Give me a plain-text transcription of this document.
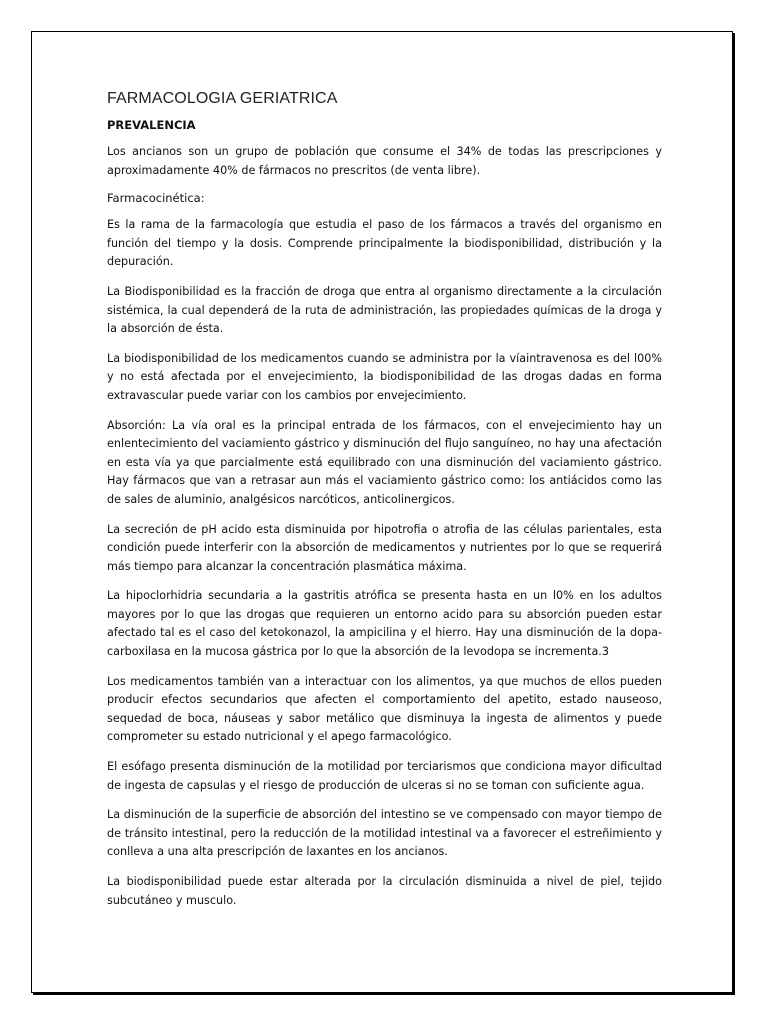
FARMACOLOGIA GERIATRICA
PREVALENCIA

Los ancianos son un grupo de población que consume el 34% de todas las prescripciones y aproximadamente 40% de fármacos no prescritos (de venta libre).

Farmacocinética:

Es la rama de la farmacología que estudia el paso de los fármacos a través del organismo en función del tiempo y la dosis. Comprende principalmente la biodisponibilidad, distribución y la depuración.

La Biodisponibilidad es la fracción de droga que entra al organismo directamente a la circulación sistémica, la cual dependerá de la ruta de administración, las propiedades químicas de la droga y la absorción de ésta.

La biodisponibilidad de los medicamentos cuando se administra por la víaintravenosa es del l00% y no está afectada por el envejecimiento, la biodisponibilidad de las drogas dadas en forma extravascular puede variar con los cambios por envejecimiento.

Absorción: La vía oral es la principal entrada de los fármacos, con el envejecimiento hay un enlentecimiento del vaciamiento gástrico y disminución del flujo sanguíneo, no hay una afectación en esta vía ya que parcialmente está equilibrado con una disminución del vaciamiento gástrico. Hay fármacos que van a retrasar aun más el vaciamiento gástrico como: los antiácidos como las de sales de aluminio, analgésicos narcóticos, anticolinergicos.

La secreción de pH acido esta disminuida por hipotrofia o atrofia de las células parientales, esta condición puede interferir con la absorción de medicamentos y nutrientes por lo que se requerirá más tiempo para alcanzar la concentración plasmática máxima.

La hipoclorhidria secundaria a la gastritis atrófica se presenta hasta en un l0% en los adultos mayores por lo que las drogas que requieren un entorno acido para su absorción pueden estar afectado tal es el caso del ketokonazol, la ampicilina y el hierro. Hay una disminución de la dopa-carboxilasa en la mucosa gástrica por lo que la absorción de la levodopa se incrementa.3

Los medicamentos también van a interactuar con los alimentos, ya que muchos de ellos pueden producir efectos secundarios que afecten el comportamiento del apetito, estado nauseoso, sequedad de boca, náuseas y sabor metálico que disminuya la ingesta de alimentos y puede comprometer su estado nutricional y el apego farmacológico.

El esófago presenta disminución de la motilidad por terciarismos que condiciona mayor dificultad de ingesta de capsulas y el riesgo de producción de ulceras si no se toman con suficiente agua.

La disminución de la superficie de absorción del intestino se ve compensado con mayor tiempo de de tránsito intestinal, pero la reducción de la motilidad intestinal va a favorecer el estreñimiento y conlleva a una alta prescripción de laxantes en los ancianos.

La biodisponibilidad puede estar alterada por la circulación disminuida a nivel de piel, tejido subcutáneo y musculo.
